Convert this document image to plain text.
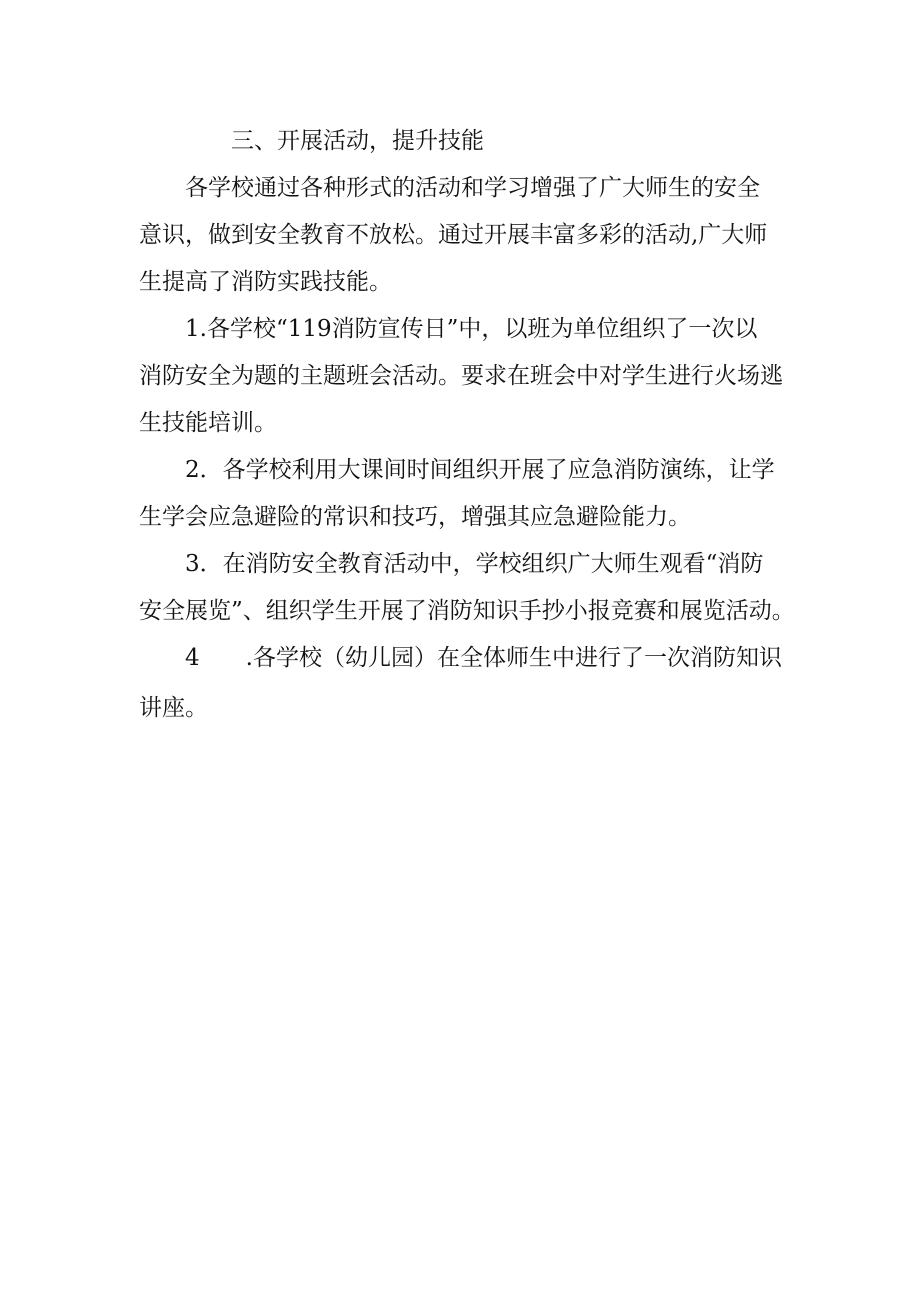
三、开展活动，提升技能
各学校通过各种形式的活动和学习增强了广大师生的安全
意识，做到安全教育不放松。通过开展丰富多彩的活动,广大师
生提高了消防实践技能。
1.各学校“119消防宣传日”中，以班为单位组织了一次以
消防安全为题的主题班会活动。要求在班会中对学生进行火场逃
生技能培训。
2．各学校利用大课间时间组织开展了应急消防演练，让学
生学会应急避险的常识和技巧，增强其应急避险能力。
3．在消防安全教育活动中，学校组织广大师生观看“消防
安全展览”、组织学生开展了消防知识手抄小报竞赛和展览活动。
4　　.各学校（幼儿园）在全体师生中进行了一次消防知识
讲座。
